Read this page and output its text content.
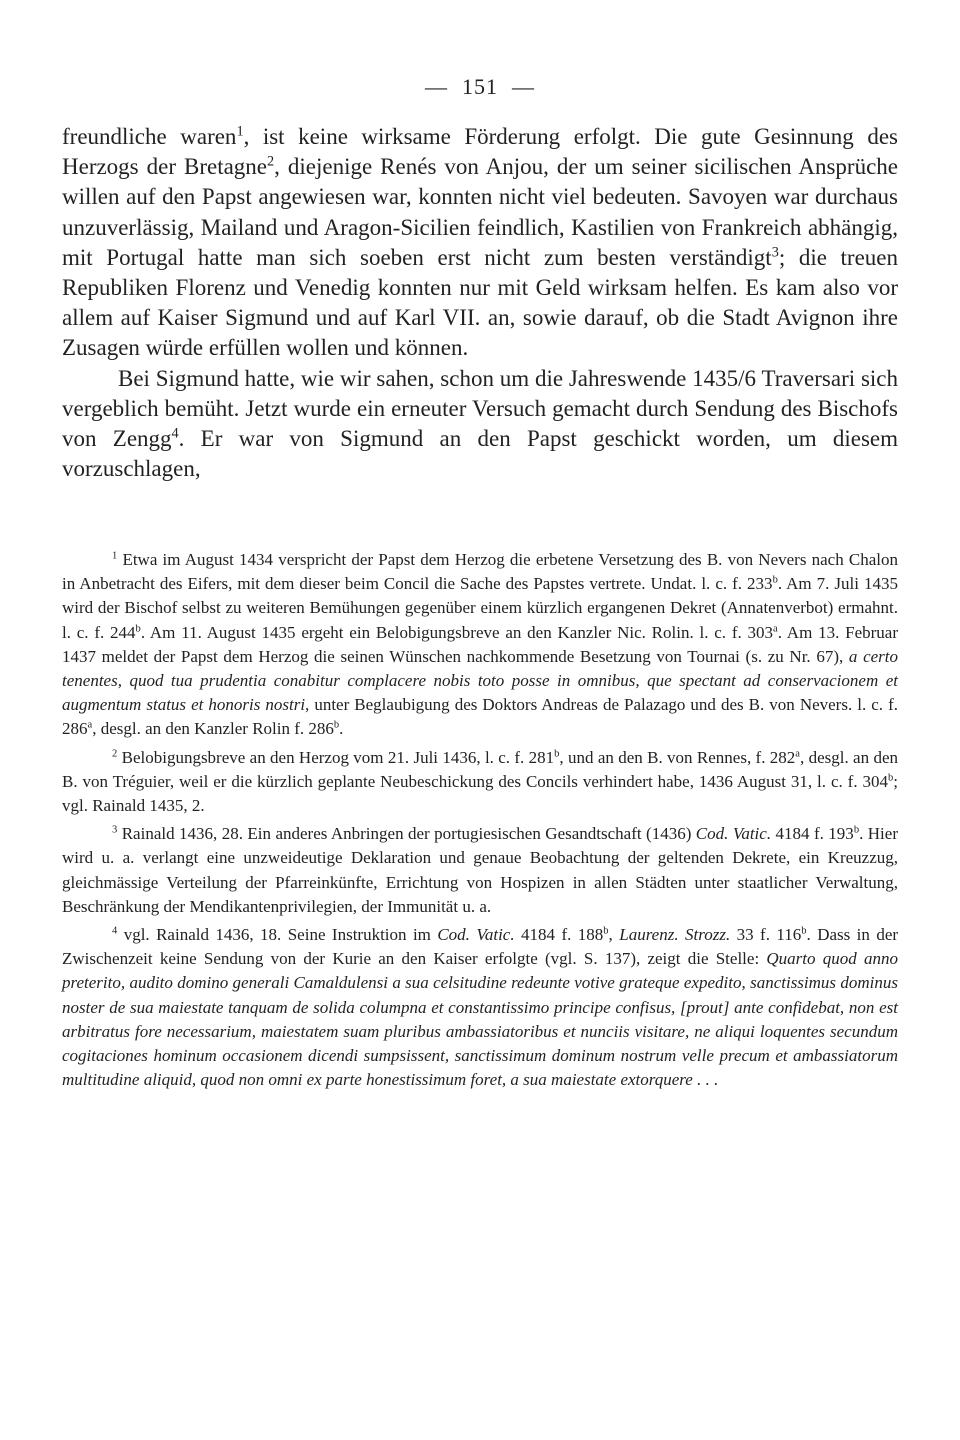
— 151 —

freundliche waren$^1$, ist keine wirksame Förderung erfolgt. Die gute Gesinnung des Herzogs der Bretagne$^2$, diejenige Renés von Anjou, der um seiner sicilischen Ansprüche willen auf den Papst angewiesen war, konnten nicht viel bedeuten. Savoyen war durchaus unzuverlässig, Mailand und Aragon-Sicilien feindlich, Kastilien von Frankreich abhängig, mit Portugal hatte man sich soeben erst nicht zum besten verständigt$^3$; die treuen Republiken Florenz und Venedig konnten nur mit Geld wirksam helfen. Es kam also vor allem auf Kaiser Sigmund und auf Karl VII. an, sowie darauf, ob die Stadt Avignon ihre Zusagen würde erfüllen wollen und können.

Bei Sigmund hatte, wie wir sahen, schon um die Jahreswende 1435/6 Traversari sich vergeblich bemüht. Jetzt wurde ein erneuter Versuch gemacht durch Sendung des Bischofs von Zengg$^4$. Er war von Sigmund an den Papst geschickt worden, um diesem vorzuschlagen,

$^1$ Etwa im August 1434 verspricht der Papst dem Herzog die erbetene Versetzung des B. von Nevers nach Chalon in Anbetracht des Eifers, mit dem dieser beim Concil die Sache des Papstes vertrete. Undat. l. c. f. 233$^b$. Am 7. Juli 1435 wird der Bischof selbst zu weiteren Bemühungen gegenüber einem kürzlich ergangenen Dekret (Annatenverbot) ermahnt. l. c. f. 244$^b$. Am 11. August 1435 ergeht ein Belobigungsbreve an den Kanzler Nic. Rolin. l. c. f. 303$^a$. Am 13. Februar 1437 meldet der Papst dem Herzog die seinen Wünschen nachkommende Besetzung von Tournai (s. zu Nr. 67), a certo tenentes, quod tua prudentia conabitur complacere nobis toto posse in omnibus, que spectant ad conservacionem et augmentum status et honoris nostri, unter Beglaubigung des Doktors Andreas de Palazago und des B. von Nevers. l. c. f. 286$^a$, desgl. an den Kanzler Rolin f. 286$^b$.

$^2$ Belobigungsbreve an den Herzog vom 21. Juli 1436, l. c. f. 281$^b$, und an den B. von Rennes, f. 282$^a$, desgl. an den B. von Tréguier, weil er die kürzlich geplante Neubeschickung des Concils verhindert habe, 1436 August 31, l. c. f. 304$^b$; vgl. Rainald 1435, 2.

$^3$ Rainald 1436, 28. Ein anderes Anbringen der portugiesischen Gesandtschaft (1436) Cod. Vatic. 4184 f. 193$^b$. Hier wird u. a. verlangt eine unzweideutige Deklaration und genaue Beobachtung der geltenden Dekrete, ein Kreuzzug, gleichmässige Verteilung der Pfarreinkünfte, Errichtung von Hospizen in allen Städten unter staatlicher Verwaltung, Beschränkung der Mendikantenprivilegien, der Immunität u. a.

$^4$ vgl. Rainald 1436, 18. Seine Instruktion im Cod. Vatic. 4184 f. 188$^b$, Laurenz. Strozz. 33 f. 116$^b$. Dass in der Zwischenzeit keine Sendung von der Kurie an den Kaiser erfolgte (vgl. S. 137), zeigt die Stelle: Quarto quod anno preterito, audito domino generali Camaldulensi a sua celsitudine redeunte votive grateque expedito, sanctissimus dominus noster de sua maiestate tanquam de solida columpna et constantissimo principe confisus, [prout] ante confidebat, non est arbitratus fore necessarium, maiestatem suam pluribus ambassiatoribus et nunciis visitare, ne aliqui loquentes secundum cogitaciones hominum occasionem dicendi sumpsissent, sanctissimum dominum nostrum velle precum et ambassiatorum multitudine aliquid, quod non omni ex parte honestissimum foret, a sua maiestate extorquere . . .
